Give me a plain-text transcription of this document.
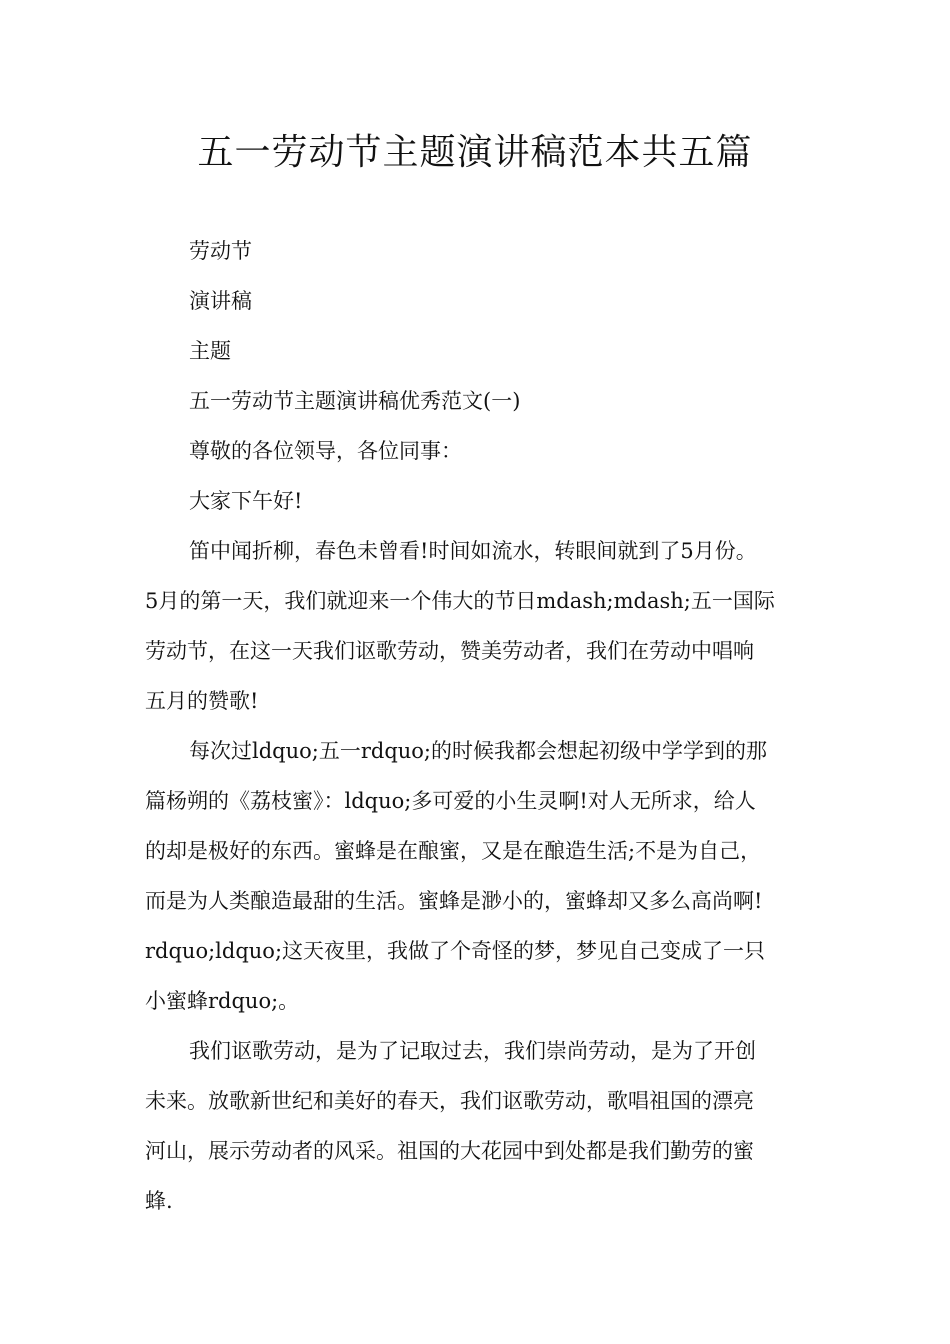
五一劳动节主题演讲稿范本共五篇

劳动节

演讲稿

主题

五一劳动节主题演讲稿优秀范文(一)

尊敬的各位领导，各位同事：

大家下午好!

笛中闻折柳，春色未曾看!时间如流水，转眼间就到了5月份。

5月的第一天，我们就迎来一个伟大的节日mdash;mdash;五一国际

劳动节，在这一天我们讴歌劳动，赞美劳动者，我们在劳动中唱响

五月的赞歌!

每次过ldquo;五一rdquo;的时候我都会想起初级中学学到的那

篇杨朔的《荔枝蜜》：ldquo;多可爱的小生灵啊!对人无所求，给人

的却是极好的东西。蜜蜂是在酿蜜，又是在酿造生活;不是为自己，

而是为人类酿造最甜的生活。蜜蜂是渺小的，蜜蜂却又多么高尚啊!

rdquo;ldquo;这天夜里，我做了个奇怪的梦，梦见自己变成了一只

小蜜蜂rdquo;。

我们讴歌劳动，是为了记取过去，我们崇尚劳动，是为了开创

未来。放歌新世纪和美好的春天，我们讴歌劳动，歌唱祖国的漂亮

河山，展示劳动者的风采。祖国的大花园中到处都是我们勤劳的蜜

蜂.
